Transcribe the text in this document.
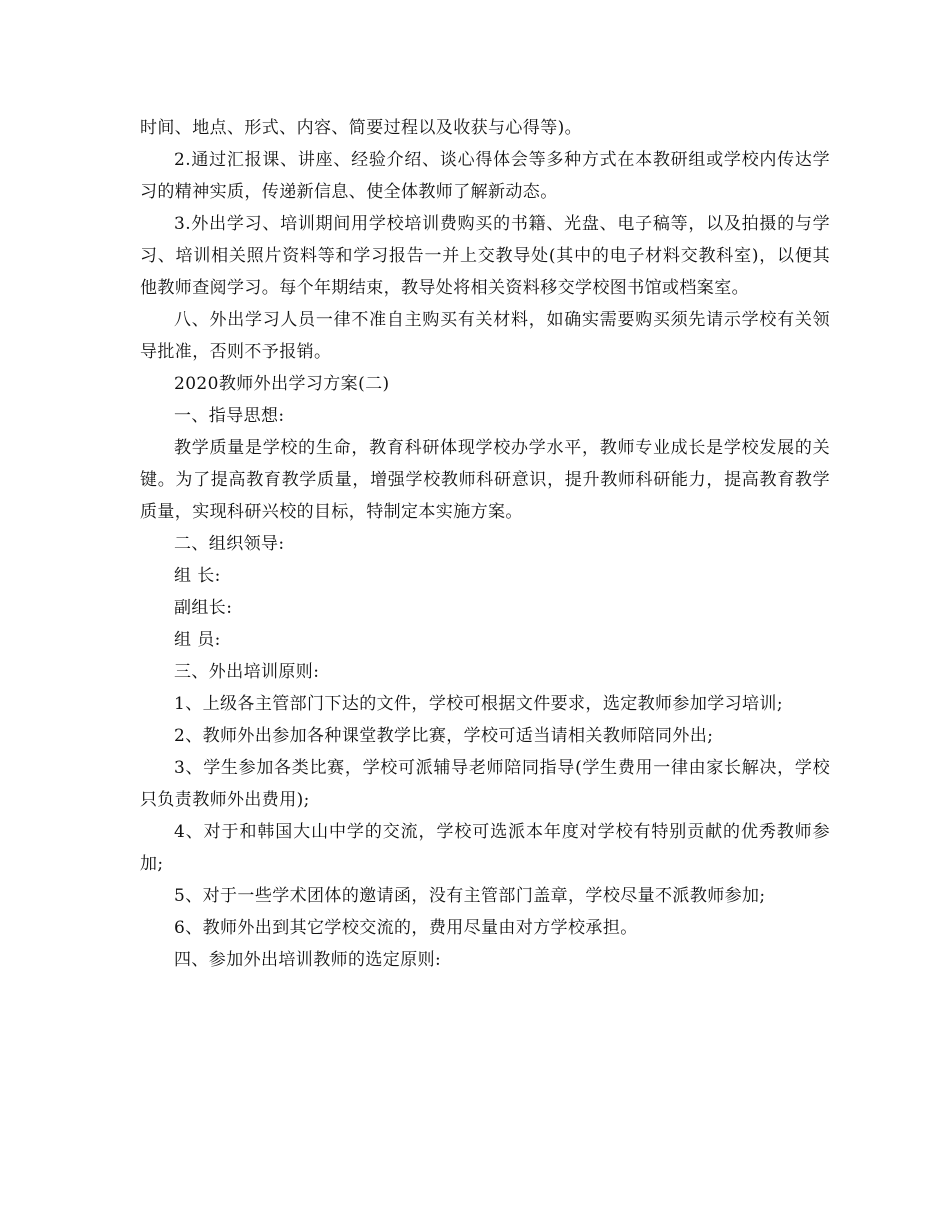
时间、地点、形式、内容、简要过程以及收获与心得等)。

2.通过汇报课、讲座、经验介绍、谈心得体会等多种方式在本教研组或学校内传达学习的精神实质，传递新信息、使全体教师了解新动态。

3.外出学习、培训期间用学校培训费购买的书籍、光盘、电子稿等，以及拍摄的与学习、培训相关照片资料等和学习报告一并上交教导处(其中的电子材料交教科室)，以便其他教师查阅学习。每个年期结束，教导处将相关资料移交学校图书馆或档案室。

八、外出学习人员一律不准自主购买有关材料，如确实需要购买须先请示学校有关领导批准，否则不予报销。

2020教师外出学习方案(二)

一、指导思想:

教学质量是学校的生命，教育科研体现学校办学水平，教师专业成长是学校发展的关键。为了提高教育教学质量，增强学校教师科研意识，提升教师科研能力，提高教育教学质量，实现科研兴校的目标，特制定本实施方案。

二、组织领导:

组 长:

副组长:

组 员:

三、外出培训原则:

1、上级各主管部门下达的文件，学校可根据文件要求，选定教师参加学习培训;

2、教师外出参加各种课堂教学比赛，学校可适当请相关教师陪同外出;

3、学生参加各类比赛，学校可派辅导老师陪同指导(学生费用一律由家长解决，学校只负责教师外出费用);

4、对于和韩国大山中学的交流，学校可选派本年度对学校有特别贡献的优秀教师参加;

5、对于一些学术团体的邀请函，没有主管部门盖章，学校尽量不派教师参加;

6、教师外出到其它学校交流的，费用尽量由对方学校承担。

四、参加外出培训教师的选定原则:
